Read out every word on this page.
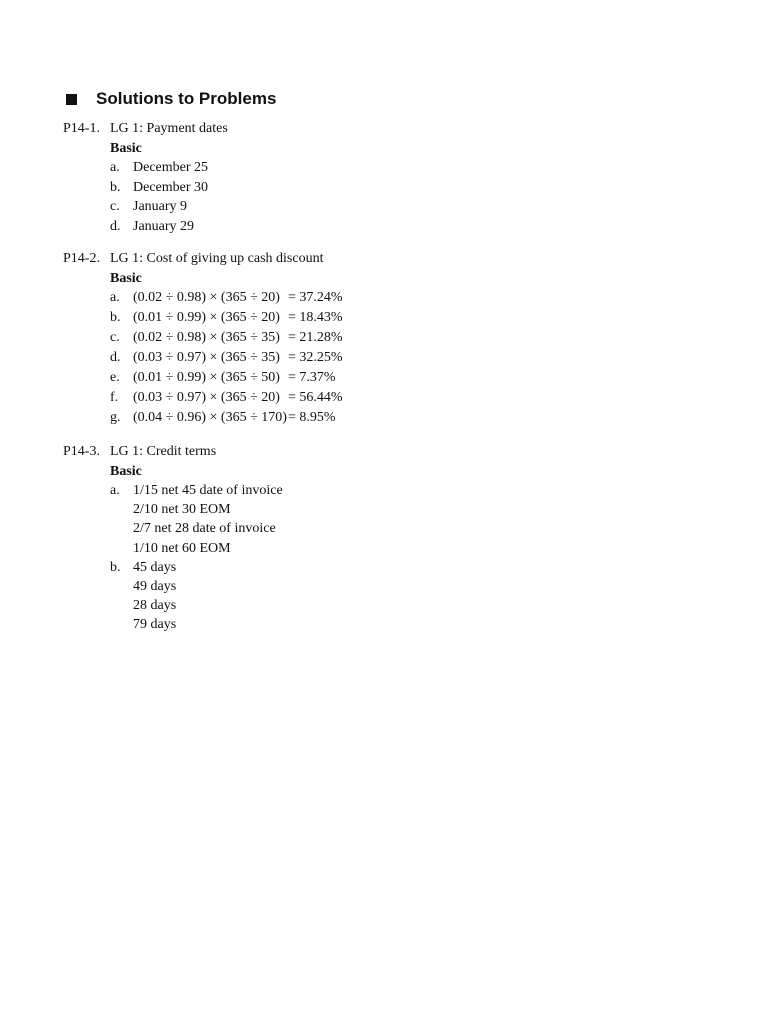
Solutions to Problems

P14-1.

LG 1: Payment dates

Basic

a.

December 25

b.

December 30

c.

January 9

d.

January 29

P14-2.

LG 1: Cost of giving up cash discount

Basic

a.

(0.02 ÷ 0.98) × (365 ÷ 20)

= 37.24%

b.

(0.01 ÷ 0.99) × (365 ÷ 20)

= 18.43%

c.

(0.02 ÷ 0.98) × (365 ÷ 35)

= 21.28%

d.

(0.03 ÷ 0.97) × (365 ÷ 35)

= 32.25%

e.

(0.01 ÷ 0.99) × (365 ÷ 50)

= 7.37%

f.

(0.03 ÷ 0.97) × (365 ÷ 20)

= 56.44%

g.

(0.04 ÷ 0.96) × (365 ÷ 170)

= 8.95%

P14-3.

LG 1: Credit terms

Basic

a.

1/15 net 45 date of invoice

2/10 net 30 EOM

2/7 net 28 date of invoice

1/10 net 60 EOM

b.

45 days

49 days

28 days

79 days
